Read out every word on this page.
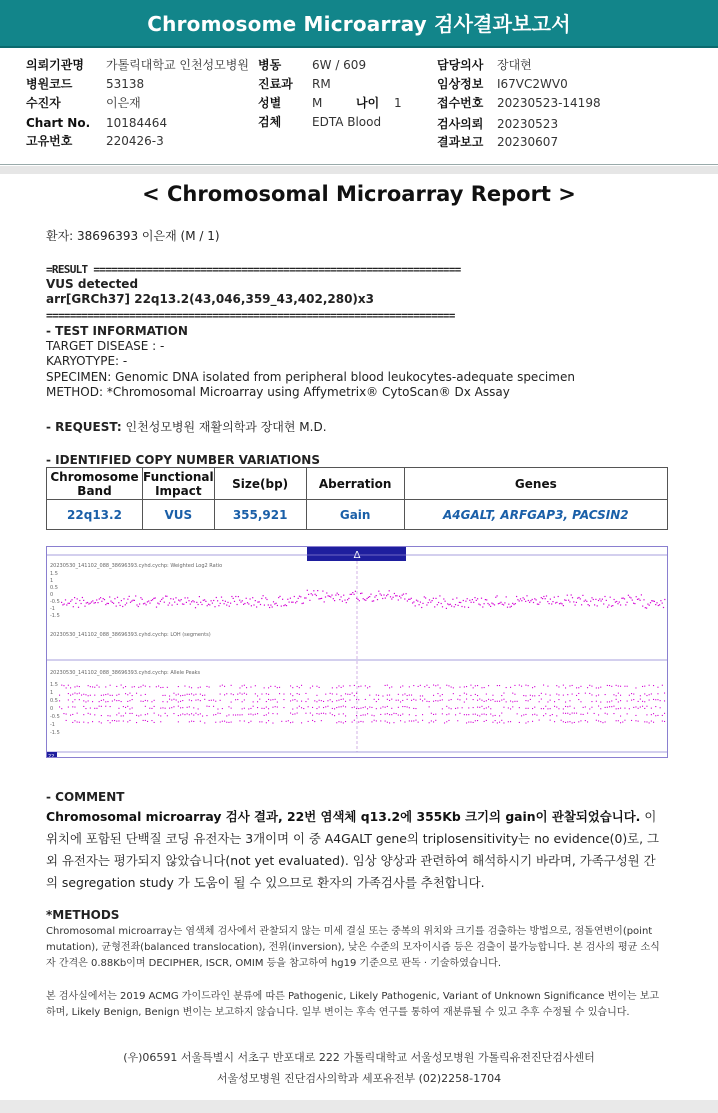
Chromosome Microarray 검사결과보고서
의뢰기관명 가톨릭대학교 인천성모병원
병원코드	53138
수진자	이은재
Chart No. 10184464
고유번호	220426-3
병동	6W / 609
진료과 RM
성별	M	나이 1
검체	EDTA Blood
담당의사 장대현
임상정보 I67VC2WV0
접수번호 20230523-14198
검사의뢰 20230523
결과보고 20230607
< Chromosomal Microarray Report >
환자: 38696393 이은재 (M / 1)
=RESULT ==============================================================
VUS detected
arr[GRCh37] 22q13.2(43,046,359_43,402,280)x3
=====================================================================
- TEST INFORMATION
TARGET DISEASE : -
KARYOTYPE: -
SPECIMEN: Genomic DNA isolated from peripheral blood leukocytes-adequate specimen
METHOD: *Chromosomal Microarray using Affymetrix® CytoScan® Dx Assay
- REQUEST: 인천성모병원 재활의학과 장대현 M.D.
- IDENTIFIED COPY NUMBER VARIATIONS
Chromosome Band	Functional Impact	Size(bp)	Aberration	Genes
22q13.2	VUS	355,921	Gain	A4GALT, ARFGAP3, PACSIN2
Δ
20230530_141102_088_38696393.cyhd.cychp: Weighted Log2 Ratio
1.5
1
0.5
0
-0.5
-1
-1.5
20230530_141102_088_38696393.cyhd.cychp: LOH (segments)
20230530_141102_088_38696393.cyhd.cychp: Allele Peaks
1.5
1
0.5
0
-0.5
-1
-1.5
22
- COMMENT
Chromosomal microarray 검사 결과, 22번 염색체 q13.2에 355Kb 크기의 gain이 관찰되었습니다. 이 위치에 포함된 단백질 코딩 유전자는 3개이며 이 중 A4GALT gene의 triplosensitivity는 no evidence(0)로, 그 외 유전자는 평가되지 않았습니다(not yet evaluated). 임상 양상과 관련하여 해석하시기 바라며, 가족구성원 간의 segregation study 가 도움이 될 수 있으므로 환자의 가족검사를 추천합니다.
*METHODS
Chromosomal microarray는 염색체 검사에서 관찰되지 않는 미세 결실 또는 중복의 위치와 크기를 검출하는 방법으로, 점돌연변이(point mutation), 균형전좌(balanced translocation), 전위(inversion), 낮은 수준의 모자이시즘 등은 검출이 불가능합니다. 본 검사의 평균 소식자 간격은 0.88Kb이며 DECIPHER, ISCR, OMIM 등을 참고하여 hg19 기준으로 판독 · 기술하였습니다.
본 검사실에서는 2019 ACMG 가이드라인 분류에 따른 Pathogenic, Likely Pathogenic, Variant of Unknown Significance 변이는 보고하며, Likely Benign, Benign 변이는 보고하지 않습니다. 일부 변이는 후속 연구를 통하여 재분류될 수 있고 추후 수정될 수 있습니다.
(우)06591 서울특별시 서초구 반포대로 222 가톨릭대학교 서울성모병원 가톨릭유전진단검사센터
서울성모병원 진단검사의학과 세포유전부 (02)2258-1704
